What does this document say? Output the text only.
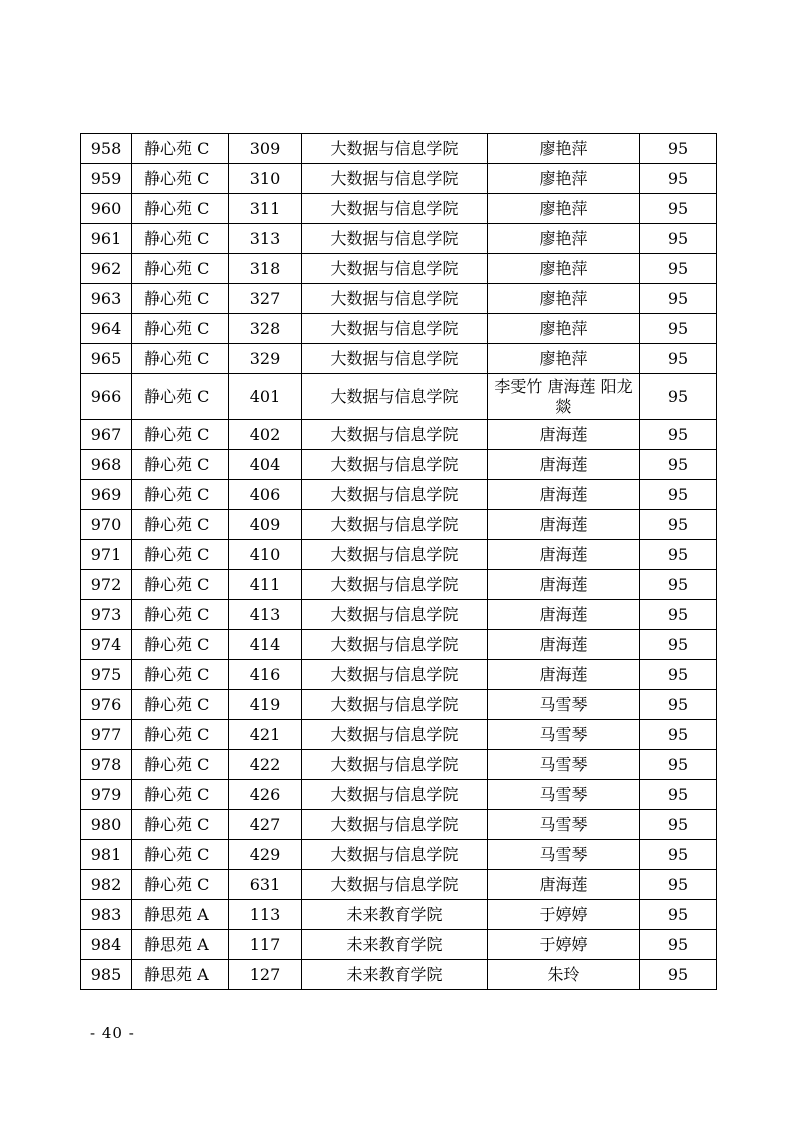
958	静心苑 C	309	大数据与信息学院	廖艳萍	95
959	静心苑 C	310	大数据与信息学院	廖艳萍	95
960	静心苑 C	311	大数据与信息学院	廖艳萍	95
961	静心苑 C	313	大数据与信息学院	廖艳萍	95
962	静心苑 C	318	大数据与信息学院	廖艳萍	95
963	静心苑 C	327	大数据与信息学院	廖艳萍	95
964	静心苑 C	328	大数据与信息学院	廖艳萍	95
965	静心苑 C	329	大数据与信息学院	廖艳萍	95
966	静心苑 C	401	大数据与信息学院	李雯竹 唐海莲 阳龙燚	95
967	静心苑 C	402	大数据与信息学院	唐海莲	95
968	静心苑 C	404	大数据与信息学院	唐海莲	95
969	静心苑 C	406	大数据与信息学院	唐海莲	95
970	静心苑 C	409	大数据与信息学院	唐海莲	95
971	静心苑 C	410	大数据与信息学院	唐海莲	95
972	静心苑 C	411	大数据与信息学院	唐海莲	95
973	静心苑 C	413	大数据与信息学院	唐海莲	95
974	静心苑 C	414	大数据与信息学院	唐海莲	95
975	静心苑 C	416	大数据与信息学院	唐海莲	95
976	静心苑 C	419	大数据与信息学院	马雪琴	95
977	静心苑 C	421	大数据与信息学院	马雪琴	95
978	静心苑 C	422	大数据与信息学院	马雪琴	95
979	静心苑 C	426	大数据与信息学院	马雪琴	95
980	静心苑 C	427	大数据与信息学院	马雪琴	95
981	静心苑 C	429	大数据与信息学院	马雪琴	95
982	静心苑 C	631	大数据与信息学院	唐海莲	95
983	静思苑 A	113	未来教育学院	于婷婷	95
984	静思苑 A	117	未来教育学院	于婷婷	95
985	静思苑 A	127	未来教育学院	朱玲	95
- 40 -
